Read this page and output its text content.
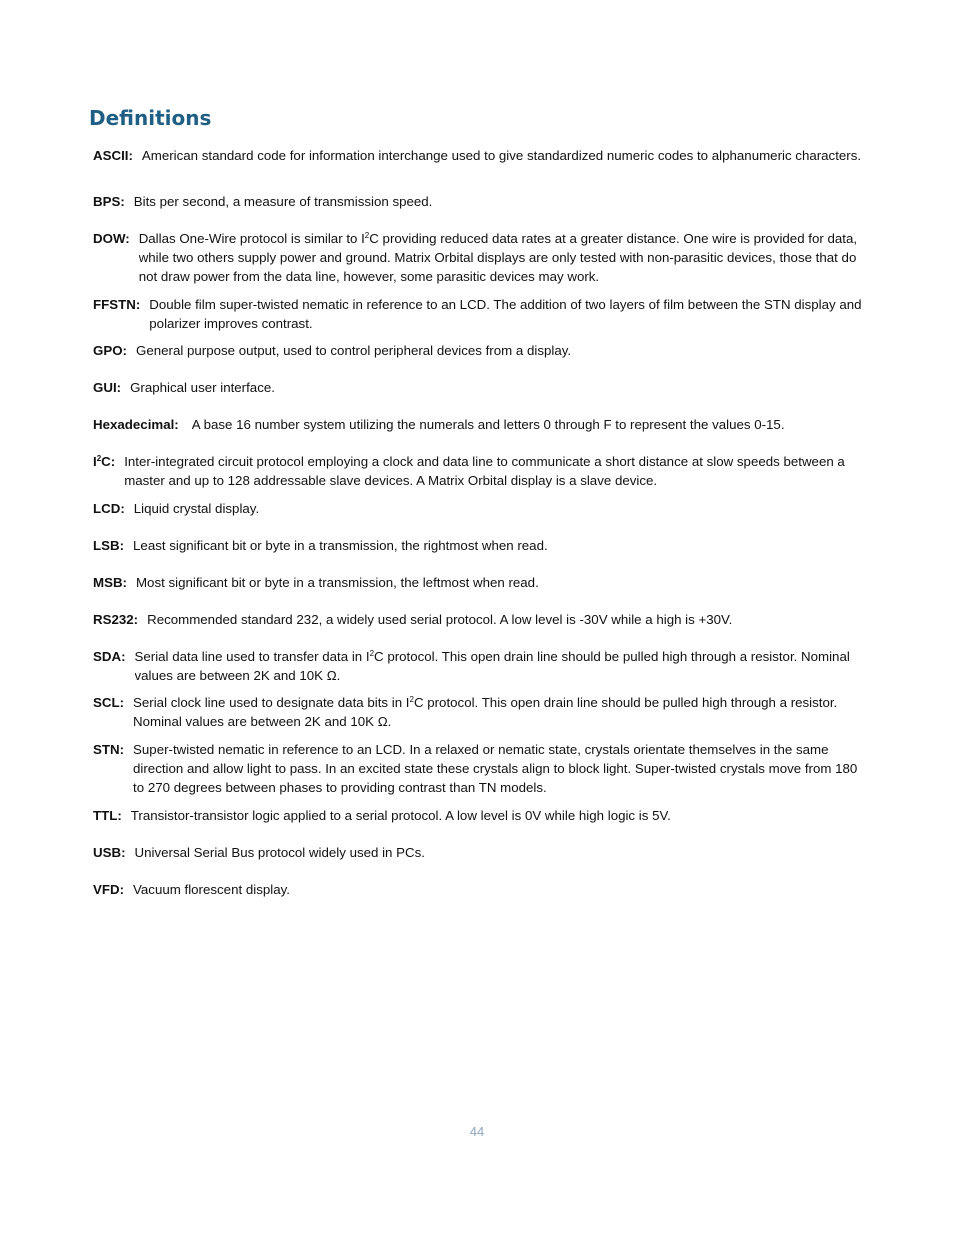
Definitions
ASCII: American standard code for information interchange used to give standardized numeric codes to alphanumeric characters.
BPS: Bits per second, a measure of transmission speed.
DOW: Dallas One-Wire protocol is similar to $I^2C$ providing reduced data rates at a greater distance. One wire is provided for data, while two others supply power and ground. Matrix Orbital displays are only tested with non-parasitic devices, those that do not draw power from the data line, however, some parasitic devices may work.
FFSTN: Double film super-twisted nematic in reference to an LCD. The addition of two layers of film between the STN display and polarizer improves contrast.
GPO: General purpose output, used to control peripheral devices from a display.
GUI: Graphical user interface.
Hexadecimal: A base 16 number system utilizing the numerals and letters 0 through F to represent the values 0-15.
$I^2C$: Inter-integrated circuit protocol employing a clock and data line to communicate a short distance at slow speeds between a master and up to 128 addressable slave devices. A Matrix Orbital display is a slave device.
LCD: Liquid crystal display.
LSB: Least significant bit or byte in a transmission, the rightmost when read.
MSB: Most significant bit or byte in a transmission, the leftmost when read.
RS232: Recommended standard 232, a widely used serial protocol. A low level is -30V while a high is +30V.
SDA: Serial data line used to transfer data in $I^2C$ protocol. This open drain line should be pulled high through a resistor. Nominal values are between 2K and 10K Ω.
SCL: Serial clock line used to designate data bits in $I^2C$ protocol. This open drain line should be pulled high through a resistor. Nominal values are between 2K and 10K Ω.
STN: Super-twisted nematic in reference to an LCD. In a relaxed or nematic state, crystals orientate themselves in the same direction and allow light to pass. In an excited state these crystals align to block light. Super-twisted crystals move from 180 to 270 degrees between phases to providing contrast than TN models.
TTL: Transistor-transistor logic applied to a serial protocol. A low level is 0V while high logic is 5V.
USB: Universal Serial Bus protocol widely used in PCs.
VFD: Vacuum florescent display.
44
